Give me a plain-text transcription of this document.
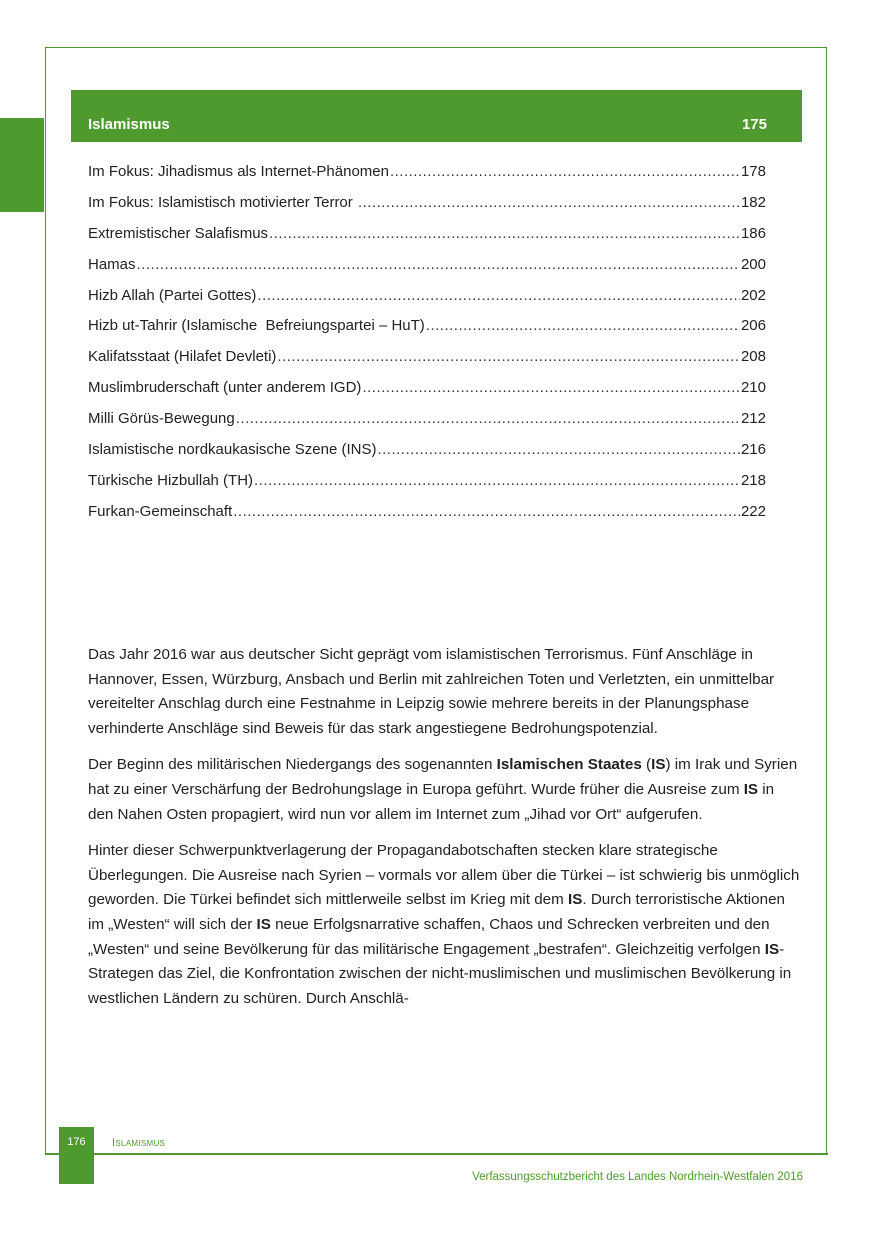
Islamismus	175
Im Fokus: Jihadismus als Internet-Phänomen .....	178
Im Fokus: Islamistisch motivierter Terror .....	182
Extremistischer Salafismus .....	186
Hamas .....	200
Hizb Allah (Partei Gottes) .....	202
Hizb ut-Tahrir (Islamische  Befreiungspartei – HuT) .....	206
Kalifatsstaat (Hilafet Devleti) .....	208
Muslimbruderschaft (unter anderem IGD) .....	210
Milli Görüs-Bewegung .....	212
Islamistische nordkaukasische Szene (INS) .....	216
Türkische Hizbullah (TH) .....	218
Furkan-Gemeinschaft .....	222

Das Jahr 2016 war aus deutscher Sicht geprägt vom islamistischen Terrorismus. Fünf Anschläge in Hannover, Essen, Würzburg, Ansbach und Berlin mit zahlreichen Toten und Verletzten, ein unmittelbar vereitelter Anschlag durch eine Festnahme in Leipzig sowie mehrere bereits in der Planungsphase verhinderte Anschläge sind Beweis für das stark angestiegene Bedrohungspotenzial.

Der Beginn des militärischen Niedergangs des sogenannten Islamischen Staates (IS) im Irak und Syrien hat zu einer Verschärfung der Bedrohungslage in Europa geführt. Wurde früher die Ausreise zum IS in den Nahen Osten propagiert, wird nun vor allem im Internet zum „Jihad vor Ort“ aufgerufen.

Hinter dieser Schwerpunktverlagerung der Propagandabotschaften stecken klare strategische Überlegungen. Die Ausreise nach Syrien – vormals vor allem über die Türkei – ist schwierig bis unmöglich geworden. Die Türkei befindet sich mittlerweile selbst im Krieg mit dem IS. Durch terroristische Aktionen im „Westen“ will sich der IS neue Erfolgsnarrative schaffen, Chaos und Schrecken verbreiten und den „Westen“ und seine Bevölkerung für das militärische Engagement „bestrafen“. Gleichzeitig verfolgen IS-Strategen das Ziel, die Konfrontation zwischen der nicht-muslimischen und muslimischen Bevölkerung in westlichen Ländern zu schüren. Durch Anschlä-

176	Islamismus
Verfassungsschutzbericht des Landes Nordrhein-Westfalen 2016
